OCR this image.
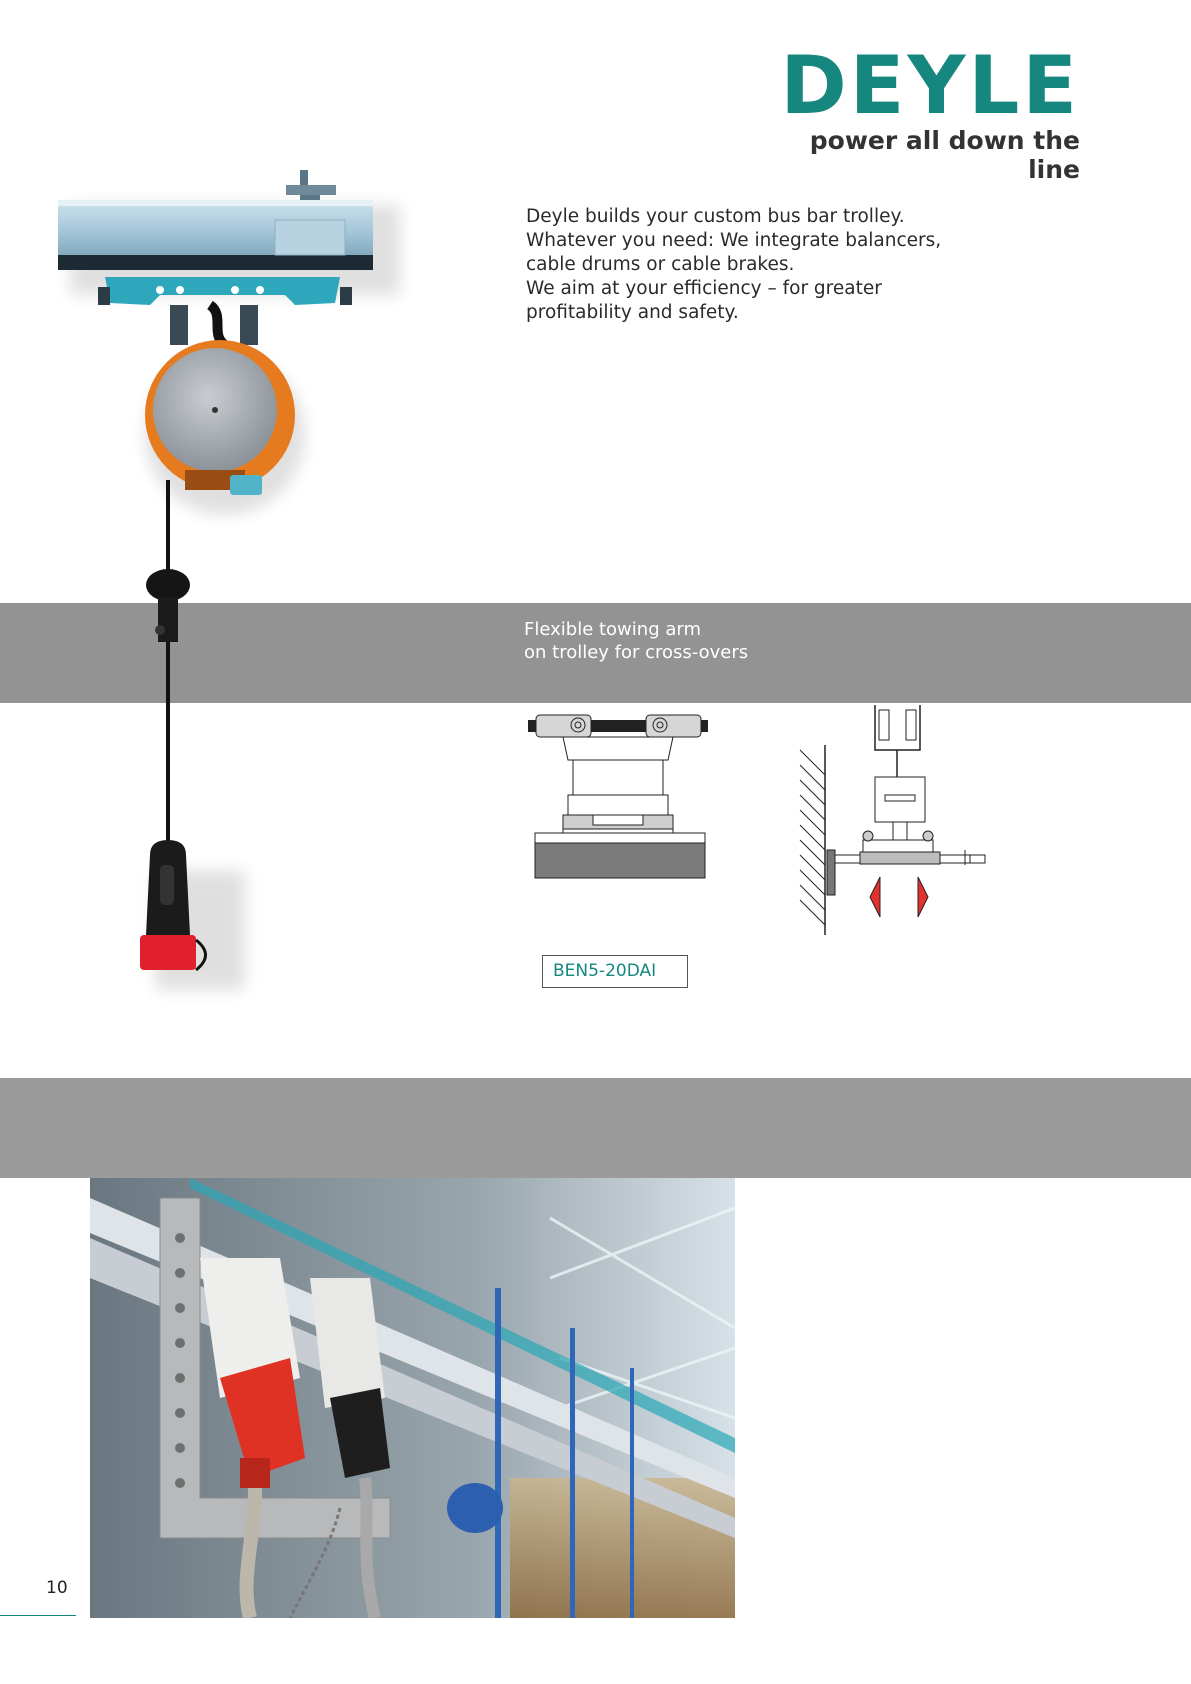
DEYLE
power all down the line

Deyle builds your custom bus bar trolley.

Whatever you need: We integrate balancers,

cable drums or cable brakes.

We aim at your efficiency – for greater

profitability and safety.

Flexible towing arm

on trolley for cross-overs

BEN5-20DAI
10
